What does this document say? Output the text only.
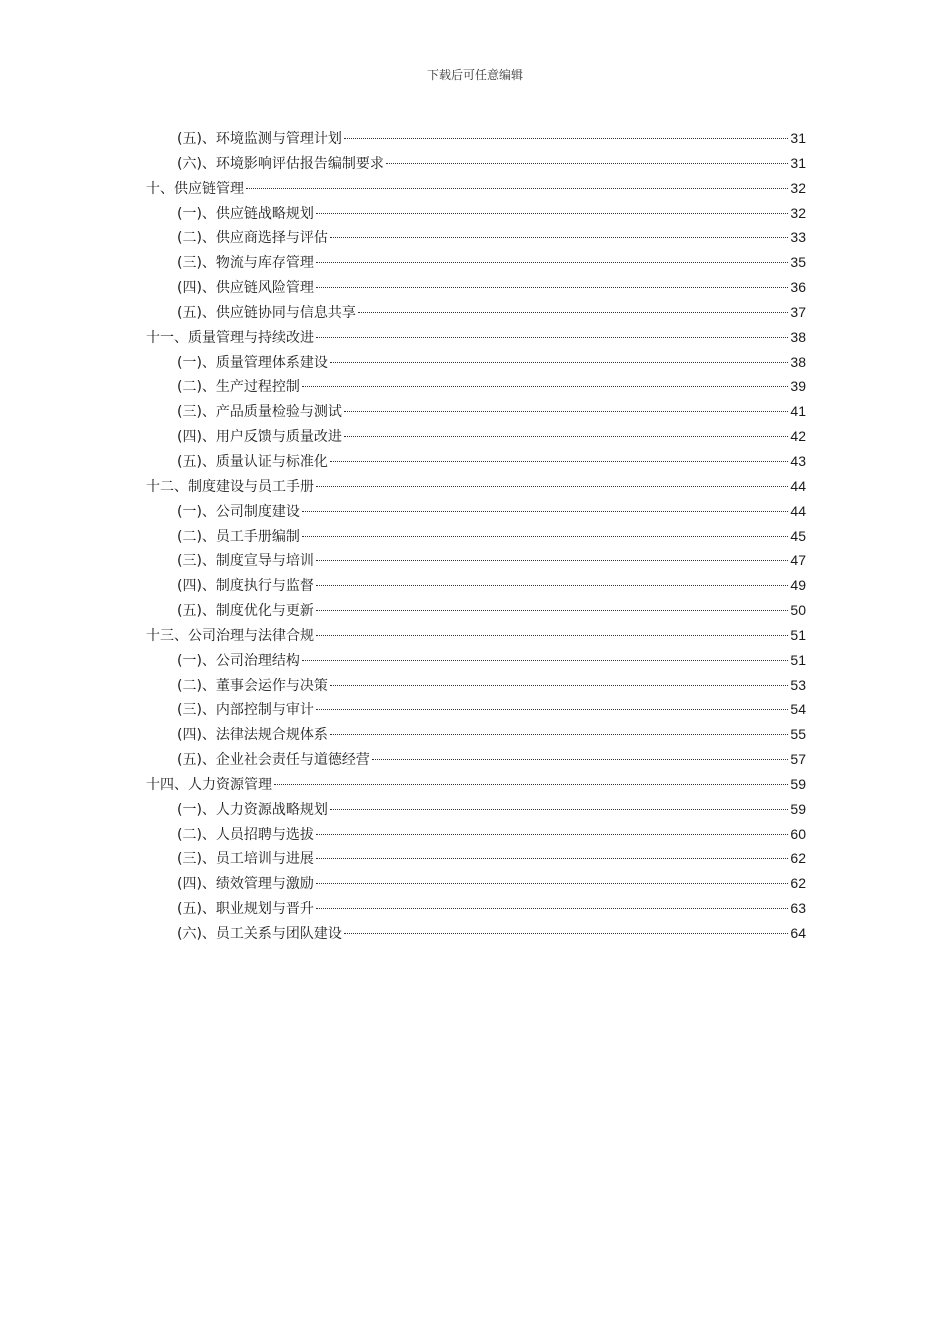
下载后可任意编辑
(五)、环境监测与管理计划	31
(六)、环境影响评估报告编制要求	31
十、供应链管理	32
(一)、供应链战略规划	32
(二)、供应商选择与评估	33
(三)、物流与库存管理	35
(四)、供应链风险管理	36
(五)、供应链协同与信息共享	37
十一、质量管理与持续改进	38
(一)、质量管理体系建设	38
(二)、生产过程控制	39
(三)、产品质量检验与测试	41
(四)、用户反馈与质量改进	42
(五)、质量认证与标准化	43
十二、制度建设与员工手册	44
(一)、公司制度建设	44
(二)、员工手册编制	45
(三)、制度宣导与培训	47
(四)、制度执行与监督	49
(五)、制度优化与更新	50
十三、公司治理与法律合规	51
(一)、公司治理结构	51
(二)、董事会运作与决策	53
(三)、内部控制与审计	54
(四)、法律法规合规体系	55
(五)、企业社会责任与道德经营	57
十四、人力资源管理	59
(一)、人力资源战略规划	59
(二)、人员招聘与选拔	60
(三)、员工培训与进展	62
(四)、绩效管理与激励	62
(五)、职业规划与晋升	63
(六)、员工关系与团队建设	64
